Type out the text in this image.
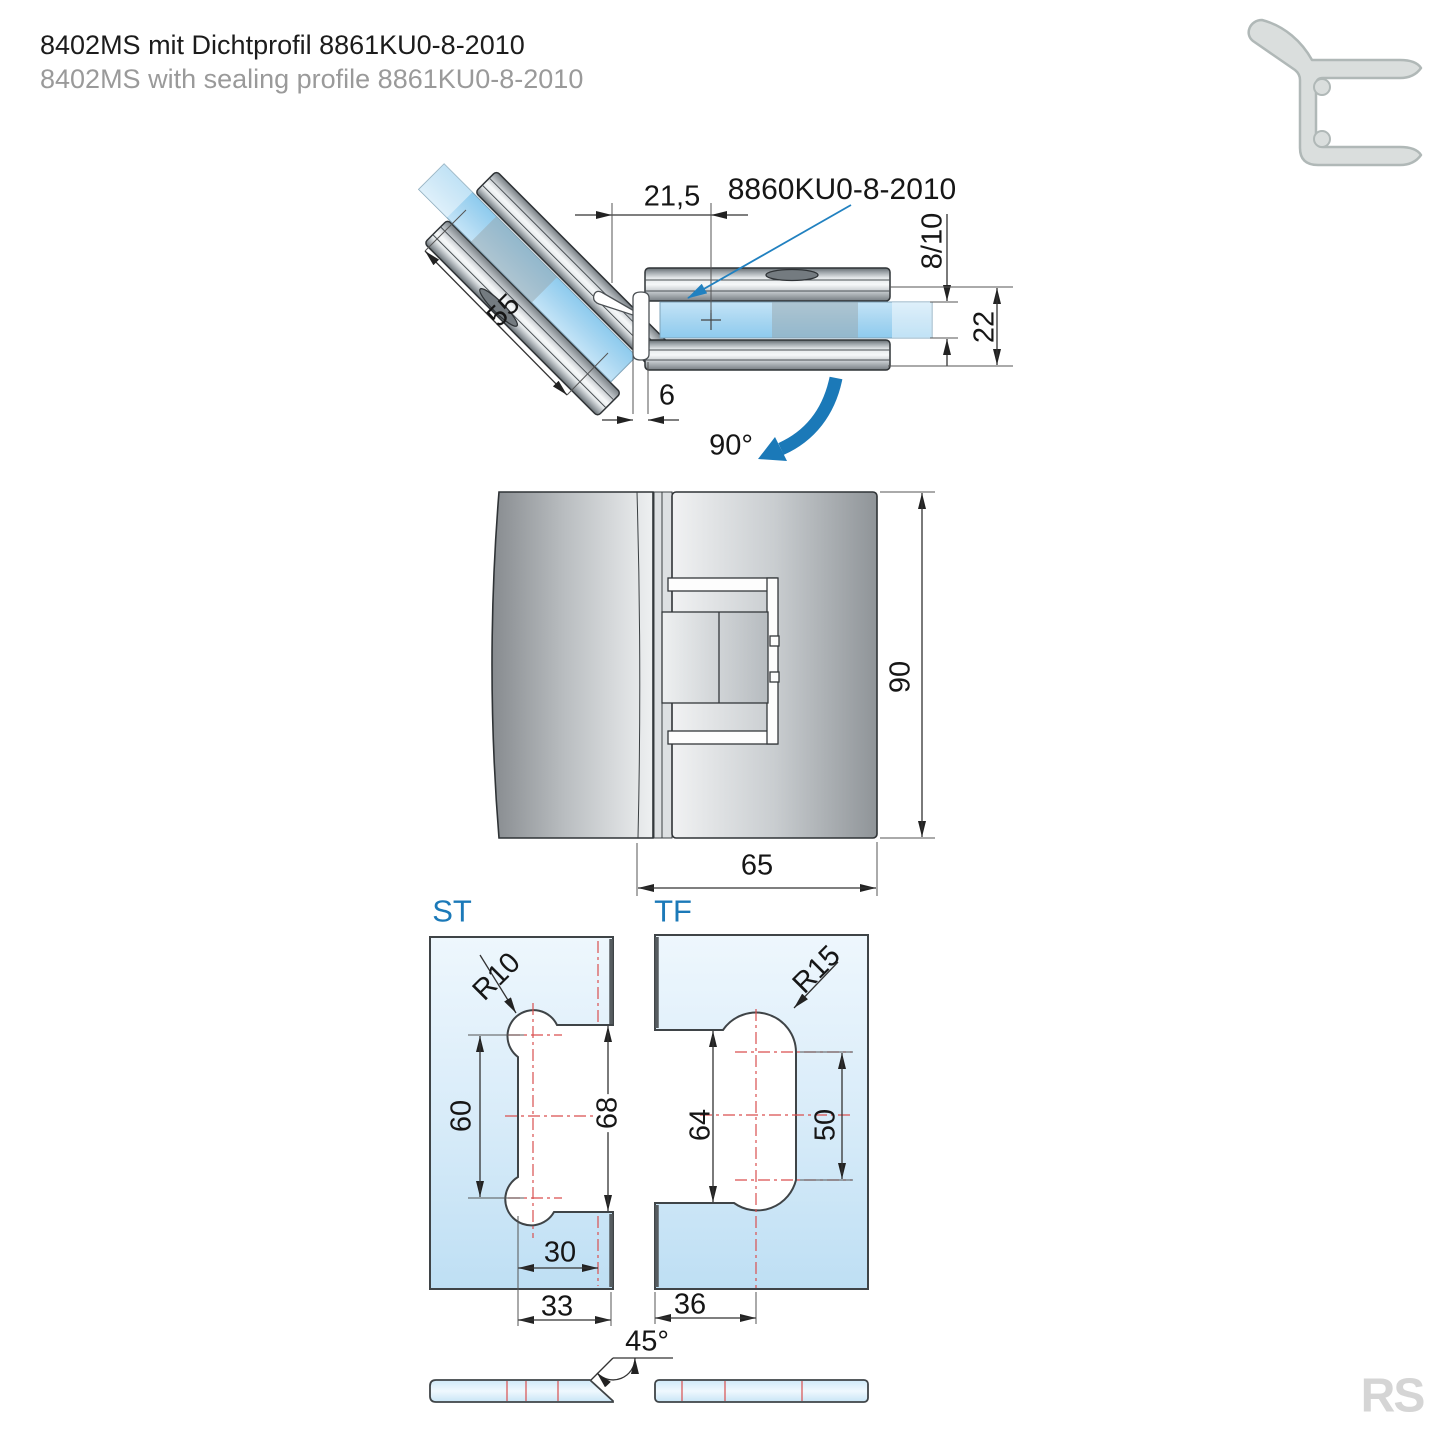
8402MS mit Dichtprofil 8861KU0-8-2010
8402MS with sealing profile 8861KU0-8-2010
21,5 8860KU0-8-2010
55
6
8/10
22
90°
90
65
ST	TF
R10	R15
60	68 64	50
30
33	36
45°
RS
